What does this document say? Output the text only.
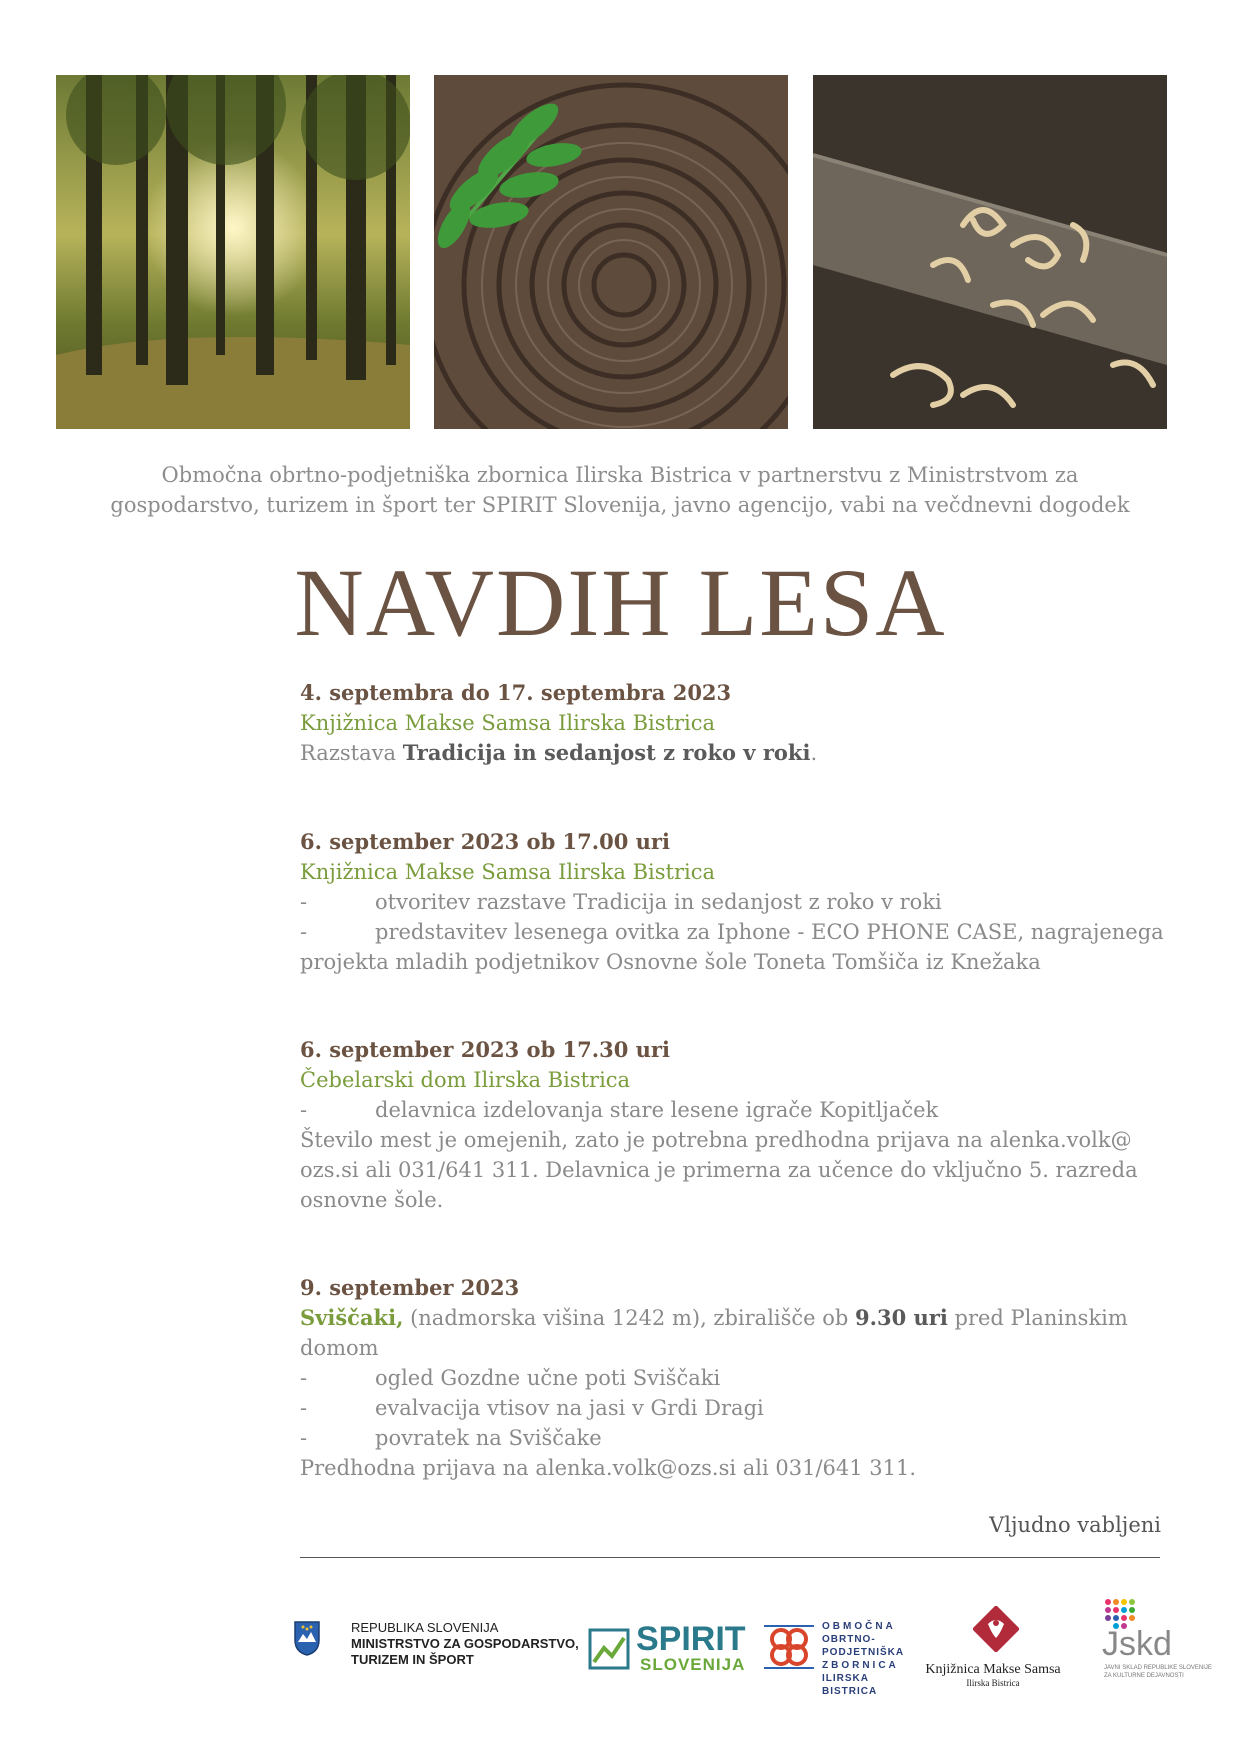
Območna obrtno-podjetniška zbornica Ilirska Bistrica v partnerstvu z Ministrstvom za
gospodarstvo, turizem in šport ter SPIRIT Slovenija, javno agencijo, vabi na večdnevni dogodek
NAVDIH LESA
4. septembra do 17. septembra 2023
Knjižnica Makse Samsa Ilirska Bistrica
Razstava Tradicija in sedanjost z roko v roki.
6. september 2023 ob 17.00 uri
Knjižnica Makse Samsa Ilirska Bistrica
-	otvoritev razstave Tradicija in sedanjost z roko v roki
-	predstavitev lesenega ovitka za Iphone - ECO PHONE CASE, nagrajenega
projekta mladih podjetnikov Osnovne šole Toneta Tomšiča iz Knežaka
6. september 2023 ob 17.30 uri
Čebelarski dom Ilirska Bistrica
-	delavnica izdelovanja stare lesene igrače Kopitljaček
Število mest je omejenih, zato je potrebna predhodna prijava na alenka.volk@
ozs.si ali 031/641 311. Delavnica je primerna za učence do vključno 5. razreda
osnovne šole.
9. september 2023
Sviščaki, (nadmorska višina 1242 m), zbirališče ob 9.30 uri pred Planinskim
domom
-	ogled Gozdne učne poti Sviščaki
-	evalvacija vtisov na jasi v Grdi Dragi
-	povratek na Sviščake
Predhodna prijava na alenka.volk@ozs.si ali 031/641 311.
Vljudno vabljeni
REPUBLIKA SLOVENIJA
MINISTRSTVO ZA GOSPODARSTVO,
TURIZEM IN ŠPORT
SPIRIT
SLOVENIJA
OBMOČNA
OBRTNO-PODJETNIŠKA
ZBORNICA
ILIRSKA BISTRICA
Knjižnica Makse Samsa
Ilirska Bistrica
Jskd
JAVNI SKLAD REPUBLIKE SLOVENIJE
ZA KULTURNE DEJAVNOSTI
